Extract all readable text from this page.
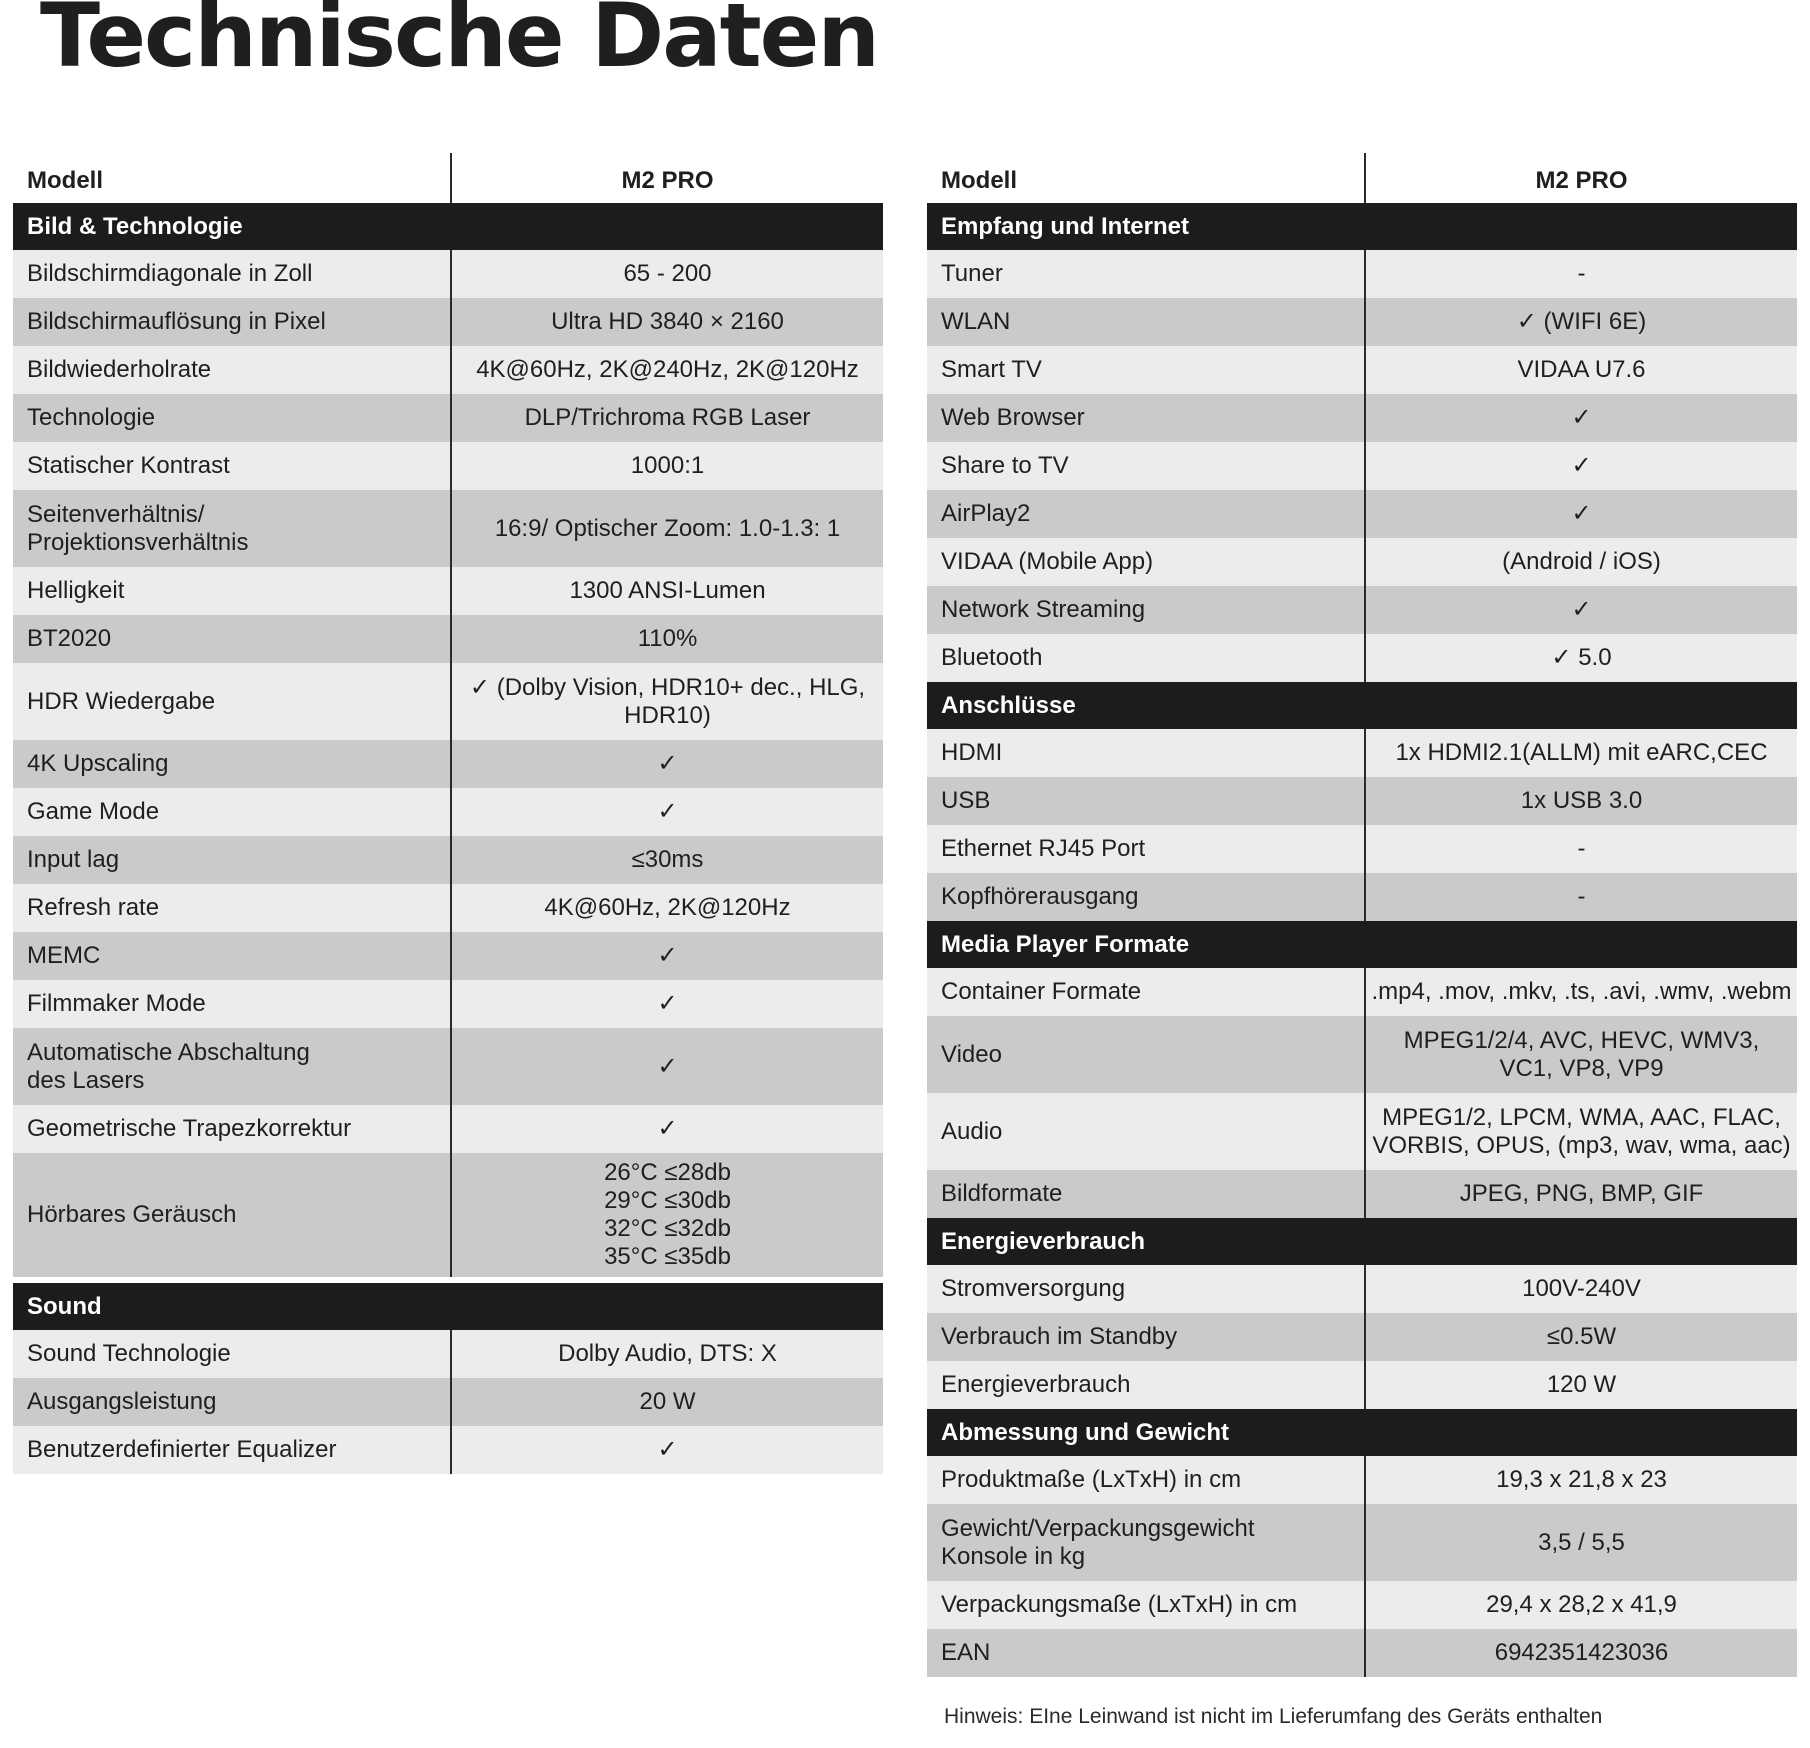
Technische Daten
Modell	M2 PRO
Bild & Technologie	
Bildschirmdiagonale in Zoll	65 - 200
Bildschirmauflösung in Pixel	Ultra HD 3840 × 2160
Bildwiederholrate	4K@60Hz, 2K@240Hz, 2K@120Hz
Technologie	DLP/Trichroma RGB Laser
Statischer Kontrast	1000:1
Seitenverhältnis/
Projektionsverhältnis	16:9/ Optischer Zoom: 1.0-1.3: 1
Helligkeit	1300 ANSI-Lumen
BT2020	110%
HDR Wiedergabe	✓ (Dolby Vision, HDR10+ dec., HLG,
HDR10)
4K Upscaling	✓
Game Mode	✓
Input lag	≤30ms
Refresh rate	4K@60Hz, 2K@120Hz
MEMC	✓
Filmmaker Mode	✓
Automatische Abschaltung
des Lasers	✓
Geometrische Trapezkorrektur	✓
Hörbares Geräusch	26°C ≤28db
29°C ≤30db
32°C ≤32db
35°C ≤35db

Sound	
Sound Technologie	Dolby Audio, DTS: X
Ausgangsleistung	20 W
Benutzerdefinierter Equalizer	✓
Modell	M2 PRO
Empfang und Internet	
Tuner	-
WLAN	✓ (WIFI 6E)
Smart TV	VIDAA U7.6
Web Browser	✓
Share to TV	✓
AirPlay2	✓
VIDAA (Mobile App)	(Android / iOS)
Network Streaming	✓
Bluetooth	✓ 5.0
Anschlüsse	
HDMI	1x HDMI2.1(ALLM) mit eARC,CEC
USB	1x USB 3.0
Ethernet RJ45 Port	-
Kopfhörerausgang	-
Media Player Formate	
Container Formate	.mp4, .mov, .mkv, .ts, .avi, .wmv, .webm
Video	MPEG1/2/4, AVC, HEVC, WMV3,
VC1, VP8, VP9
Audio	MPEG1/2, LPCM, WMA, AAC, FLAC,
VORBIS, OPUS, (mp3, wav, wma, aac)
Bildformate	JPEG, PNG, BMP, GIF
Energieverbrauch	
Stromversorgung	100V-240V
Verbrauch im Standby	≤0.5W
Energieverbrauch	120 W
Abmessung und Gewicht	
Produktmaße (LxTxH) in cm	19,3 x 21,8 x 23
Gewicht/Verpackungsgewicht
Konsole in kg	3,5 / 5,5
Verpackungsmaße (LxTxH) in cm	29,4 x 28,2 x 41,9
EAN	6942351423036

Hinweis: EIne Leinwand ist nicht im Lieferumfang des Geräts enthalten
